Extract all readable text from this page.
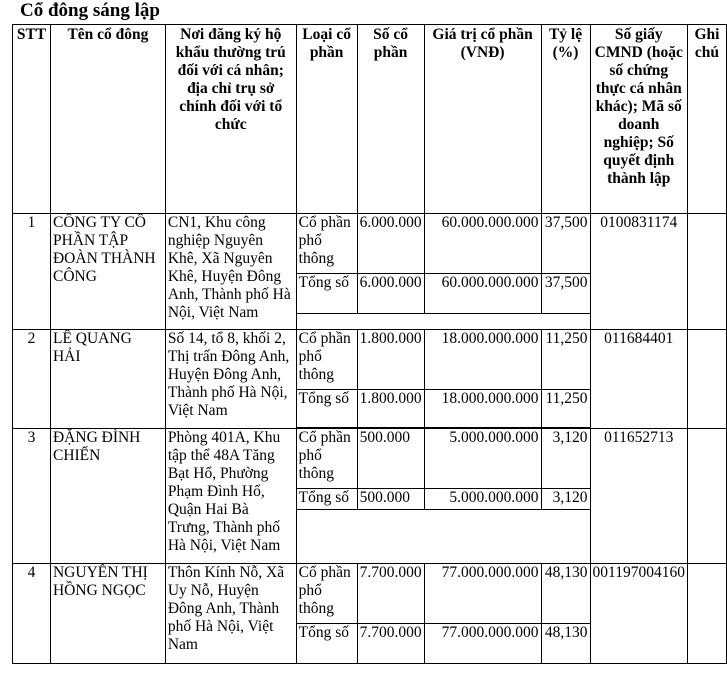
Cổ đông sáng lập
STT	Tên cổ đông	Nơi đăng ký hộ khẩu thường trú đối với cá nhân; địa chỉ trụ sở chính đối với tổ chức	Loại cổ phần	Số cổ phần	Giá trị cổ phần (VNĐ)	Tỷ lệ (%)	Số giấy CMND (hoặc số chứng thực cá nhân khác); Mã số doanh nghiệp; Số quyết định thành lập	Ghi chú
1	CÔNG TY CỔ PHẦN TẬP ĐOÀN THÀNH CÔNG	CN1, Khu công nghiệp Nguyên Khê, Xã Nguyên Khê, Huyện Đông Anh, Thành phố Hà Nội, Việt Nam	Cổ phần phổ thông	6.000.000	60.000.000.000	37,500	0100831174	
			Tổng số	6.000.000	60.000.000.000	37,500		

2	LÊ QUANG HẢI	Số 14, tổ 8, khối 2, Thị trấn Đông Anh, Huyện Đông Anh, Thành phố Hà Nội, Việt Nam	Cổ phần phổ thông	1.800.000	18.000.000.000	11,250	011684401	
			Tổng số	1.800.000	18.000.000.000	11,250		

3	ĐẶNG ĐÌNH CHIẾN	Phòng 401A, Khu tập thể 48A Tăng Bạt Hổ, Phường Phạm Đình Hổ, Quận Hai Bà Trưng, Thành phố Hà Nội, Việt Nam	Cổ phần phổ thông	500.000	5.000.000.000	3,120	011652713	
			Tổng số	500.000	5.000.000.000	3,120		

4	NGUYỄN THỊ HỒNG NGỌC	Thôn Kính Nỗ, Xã Uy Nỗ, Huyện Đông Anh, Thành phố Hà Nội, Việt Nam	Cổ phần phổ thông	7.700.000	77.000.000.000	48,130	001197004160	
			Tổng số	7.700.000	77.000.000.000	48,130		
